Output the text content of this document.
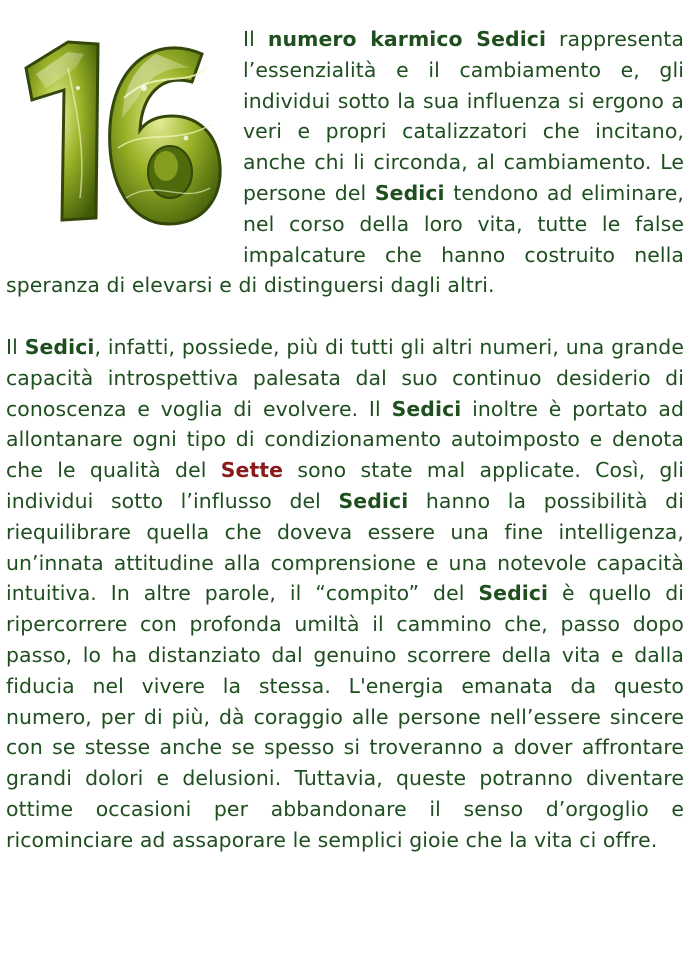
Il numero karmico Sedici rappresenta l’essenzialità e il cambiamento e, gli individui sotto la sua influenza si ergono a veri e propri catalizzatori che incitano, anche chi li circonda, al cambiamento. Le persone del Sedici tendono ad eliminare, nel corso della loro vita, tutte le false impalcature che hanno costruito nella speranza di elevarsi e di distinguersi dagli altri.

Il Sedici, infatti, possiede, più di tutti gli altri numeri, una grande capacità introspettiva palesata dal suo continuo desiderio di conoscenza e voglia di evolvere. Il Sedici inoltre è portato ad allontanare ogni tipo di condizionamento autoimposto e denota che le qualità del Sette sono state mal applicate. Così, gli individui sotto l’influsso del Sedici hanno la possibilità di riequilibrare quella che doveva essere una fine intelligenza, un’innata attitudine alla comprensione e una notevole capacità intuitiva. In altre parole, il “compito” del Sedici è quello di ripercorrere con profonda umiltà il cammino che, passo dopo passo, lo ha distanziato dal genuino scorrere della vita e dalla fiducia nel vivere la stessa. L'energia emanata da questo numero, per di più, dà coraggio alle persone nell’essere sincere con se stesse anche se spesso si troveranno a dover affrontare grandi dolori e delusioni. Tuttavia, queste potranno diventare ottime occasioni per abbandonare il senso d’orgoglio e ricominciare ad assaporare le semplici gioie che la vita ci offre.
